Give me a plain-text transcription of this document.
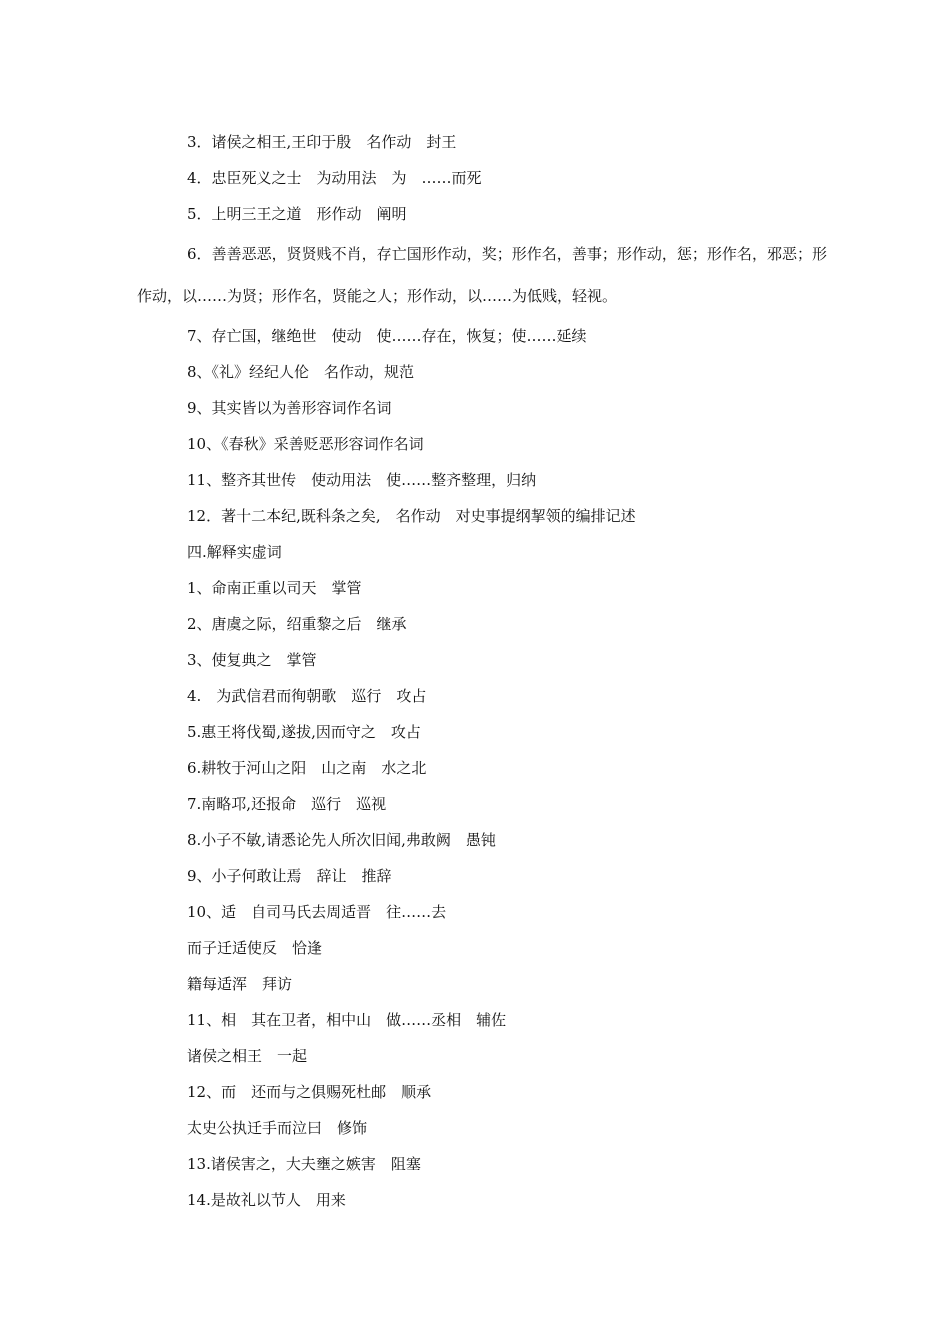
3．诸侯之相王,王印于殷　名作动　封王
4．忠臣死义之士　为动用法　为　……而死
5．上明三王之道　形作动　阐明
6．善善恶恶，贤贤贱不肖，存亡国形作动，奖；形作名，善事；形作动，惩；形作名，邪恶；形作动，以……为贤；形作名，贤能之人；形作动，以……为低贱，轻视。
7、存亡国，继绝世　使动　使……存在，恢复；使……延续
8、《礼》经纪人伦　名作动，规范
9、其实皆以为善形容词作名词
10、《春秋》采善贬恶形容词作名词
11、整齐其世传　使动用法　使……整齐整理，归纳
12．著十二本纪,既科条之矣,　名作动　对史事提纲挈领的编排记述
四.解释实虚词
1、命南正重以司天　掌管
2、唐虞之际，绍重黎之后　继承
3、使复典之　掌管
4.　为武信君而徇朝歌　巡行　攻占
5.惠王将伐蜀,遂拔,因而守之　攻占
6.耕牧于河山之阳　山之南　水之北
7.南略邛,还报命　巡行　巡视
8.小子不敏,请悉论先人所次旧闻,弗敢阙　愚钝
9、小子何敢让焉　辞让　推辞
10、适　自司马氏去周适晋　往……去
而子迁适使反　恰逢
籍每适浑　拜访
11、相　其在卫者，相中山　做……丞相　辅佐
诸侯之相王　一起
12、而　还而与之俱赐死杜邮　顺承
太史公执迁手而泣曰　修饰
13.诸侯害之，大夫壅之嫉害　阻塞
14.是故礼以节人　用来
